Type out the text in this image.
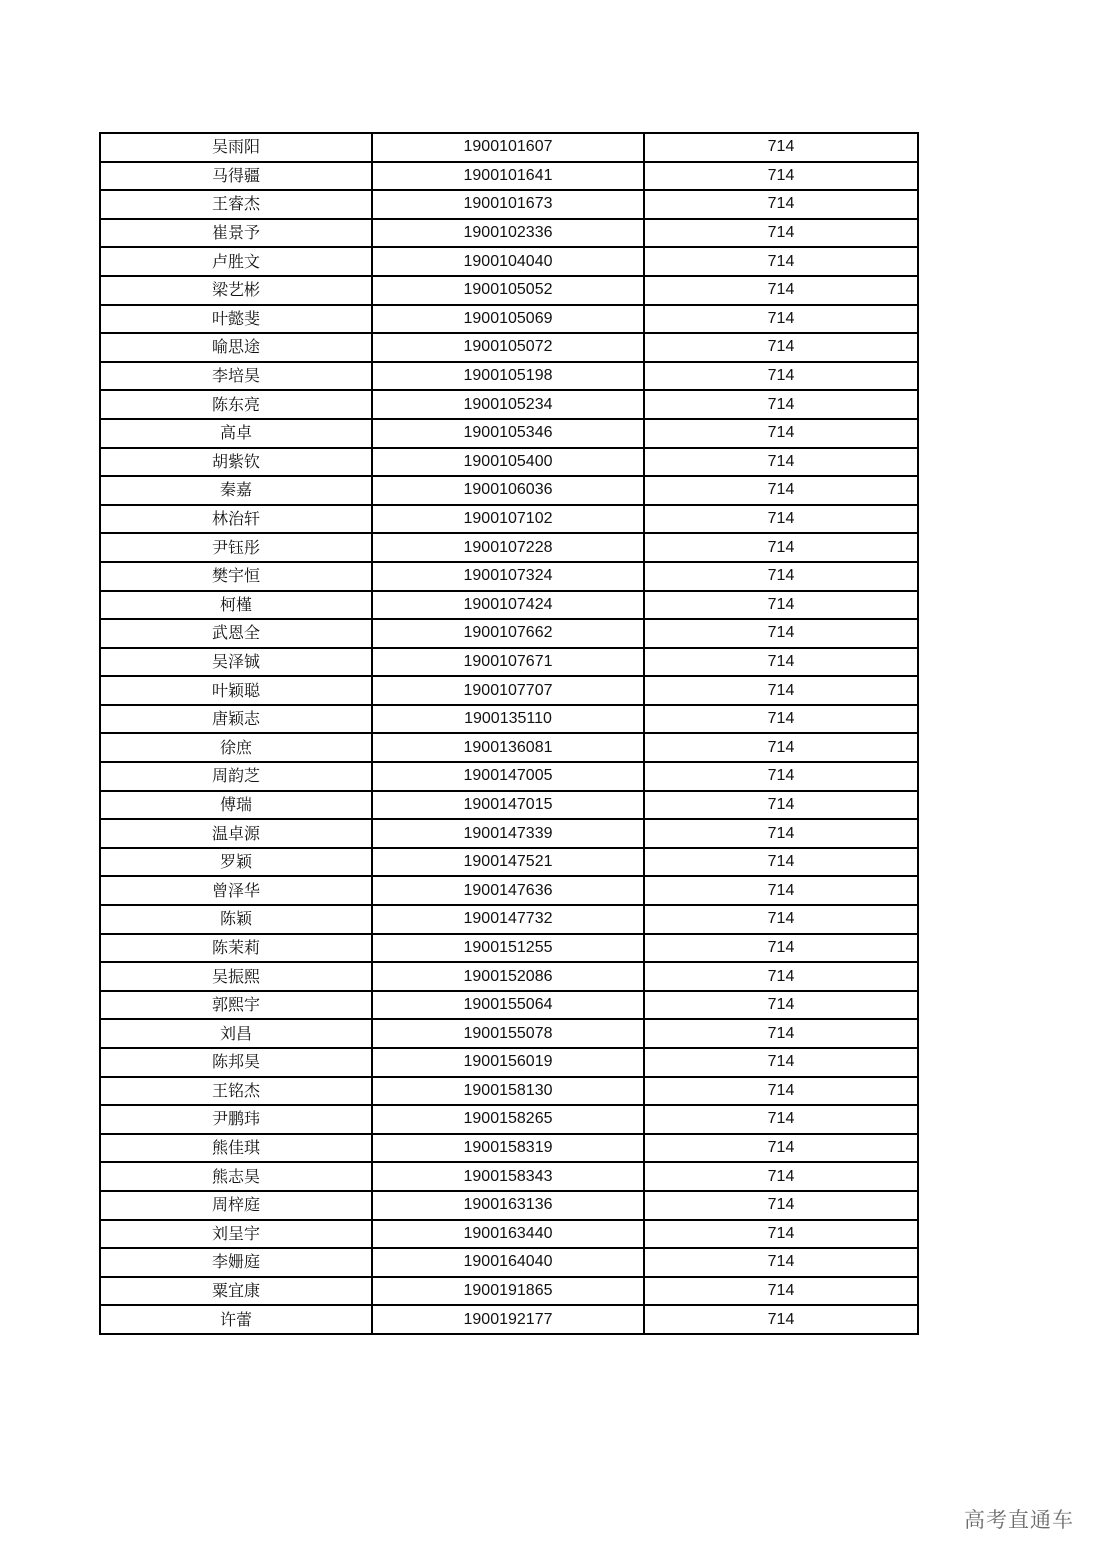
吴雨阳	1900101607	714
马得疆	1900101641	714
王睿杰	1900101673	714
崔景予	1900102336	714
卢胜文	1900104040	714
梁艺彬	1900105052	714
叶懿斐	1900105069	714
喻思途	1900105072	714
李培昊	1900105198	714
陈东亮	1900105234	714
高卓	1900105346	714
胡紫钦	1900105400	714
秦嘉	1900106036	714
林治轩	1900107102	714
尹钰彤	1900107228	714
樊宇恒	1900107324	714
柯槿	1900107424	714
武恩全	1900107662	714
吴泽铖	1900107671	714
叶颖聪	1900107707	714
唐颖志	1900135110	714
徐庶	1900136081	714
周韵芝	1900147005	714
傅瑞	1900147015	714
温卓源	1900147339	714
罗颖	1900147521	714
曾泽华	1900147636	714
陈颖	1900147732	714
陈茉莉	1900151255	714
吴振熙	1900152086	714
郭熙宇	1900155064	714
刘昌	1900155078	714
陈邦昊	1900156019	714
王铭杰	1900158130	714
尹鹏玮	1900158265	714
熊佳琪	1900158319	714
熊志昊	1900158343	714
周梓庭	1900163136	714
刘呈宇	1900163440	714
李姗庭	1900164040	714
粟宜康	1900191865	714
许蕾	1900192177	714
高考直通车
